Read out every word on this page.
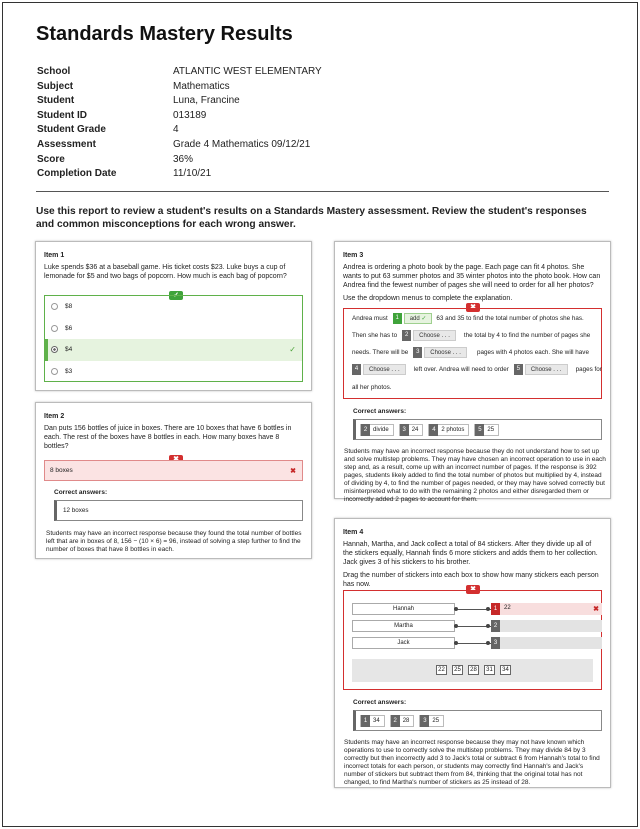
Standards Mastery Results
School	ATLANTIC WEST ELEMENTARY
Subject	Mathematics
Student	Luna, Francine
Student ID	013189
Student Grade	4
Assessment	Grade 4 Mathematics 09/12/21
Score	36%
Completion Date	11/10/21
Use this report to review a student's results on a Standards Mastery assessment. Review the student's responses and common misconceptions for each wrong answer.
Item 1
Luke spends $36 at a baseball game. His ticket costs $23. Luke buys a cup of lemonade for $5 and two bags of popcorn. How much is each bag of popcorn?
✓
$8
$6
$4	✓
$3
Item 2
Dan puts 156 bottles of juice in boxes. There are 10 boxes that have 6 bottles in each. The rest of the boxes have 8 bottles in each. How many boxes have 8 bottles?
8 boxes	✖
Correct answers:
12 boxes
Students may have an incorrect response because they found the total number of bottles left that are in boxes of 8, 156 − (10 × 6) = 96, instead of solving a step further to find the number of boxes that have 8 bottles in each.
Item 3
Andrea is ordering a photo book by the page. Each page can fit 4 photos. She wants to put 63 summer photos and 35 winter photos into the photo book. How can Andrea find the fewest number of pages she will need to order for all her photos?
Use the dropdown menus to complete the explanation.
✖
Andrea must	1	add
✓ 63 and 35 to find the total number of photos she has.
Then she has to	2	Choose . . .	the total by 4 to find the number of pages she
needs. There will be	3	Choose . . .	pages with 4 photos each. She will have
4	Choose . . .	left over. Andrea will need to order	5	Choose . . .	pages for
all her photos.
Correct answers:
2 divide	3 24	4 2 photos	5 25
Students may have an incorrect response because they do not understand how to set up and solve multistep problems. They may have chosen an incorrect operation to use in each step and, as a result, come up with an incorrect number of pages. If the response is 392 pages, students likely added to find the total number of photos but multiplied by 4, instead of dividing by 4, to find the number of pages needed, or they may have solved correctly but misinterpreted what to do with the remaining 2 photos and either disregarded them or incorrectly added 2 pages to account for them.
Item 4
Hannah, Martha, and Jack collect a total of 84 stickers. After they divide up all of the stickers equally, Hannah finds 6 more stickers and adds them to her collection. Jack gives 3 of his stickers to his brother.
Drag the number of stickers into each box to show how many stickers each person has now.
✖
Hannah	1	22	✖
Martha	2
Jack	3
22	25	28	31	34
Correct answers:
1 34	2 28	3 25
Students may have an incorrect response because they may not have known which operations to use to correctly solve the multistep problems. They may divide 84 by 3 correctly but then incorrectly add 3 to Jack's total or subtract 6 from Hannah's total to find incorrect totals for each person, or students may correctly find Hannah's and Jack's number of stickers but subtract them from 84, thinking that the original total has not changed, to find Martha's number of stickers as 25 instead of 28.
